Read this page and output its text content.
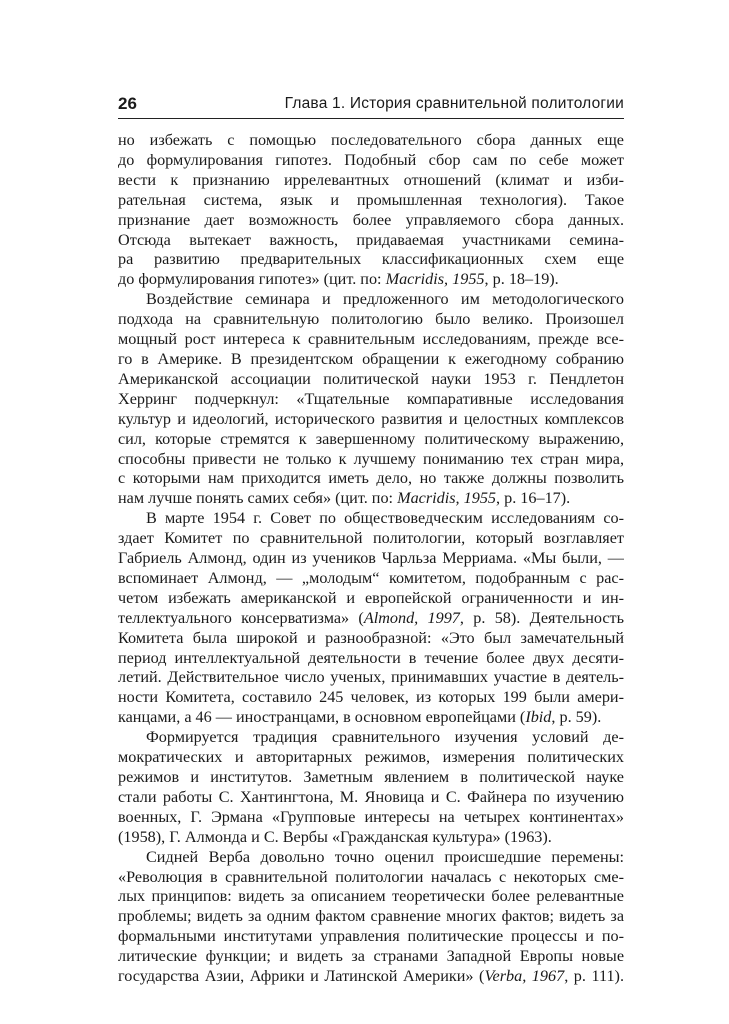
26	Глава 1. История сравнительной политологии

но избежать с помощью последовательного сбора данных еще
до формулирования гипотез. Подобный сбор сам по себе может
вести к признанию иррелевантных отношений (климат и изби-
рательная система, язык и промышленная технология). Такое
признание дает возможность более управляемого сбора данных.
Отсюда вытекает важность, придаваемая участниками семина-
ра развитию предварительных классификационных схем еще
до формулирования гипотез» (цит. по: Macridis, 1955, р. 18–19).

Воздействие семинара и предложенного им методологического
подхода на сравнительную политологию было велико. Произошел
мощный рост интереса к сравнительным исследованиям, прежде все-
го в Америке. В президентском обращении к ежегодному собранию
Американской ассоциации политической науки 1953 г. Пендлетон
Херринг подчеркнул: «Тщательные компаративные исследования
культур и идеологий, исторического развития и целостных комплексов
сил, которые стремятся к завершенному политическому выражению,
способны привести не только к лучшему пониманию тех стран мира,
с которыми нам приходится иметь дело, но также должны позволить
нам лучше понять самих себя» (цит. по: Macridis, 1955, р. 16–17).

В марте 1954 г. Совет по обществоведческим исследованиям со-
здает Комитет по сравнительной политологии, который возглавляет
Габриель Алмонд, один из учеников Чарльза Мерриама. «Мы были, —
вспоминает Алмонд, — „молодым“ комитетом, подобранным с рас-
четом избежать американской и европейской ограниченности и ин-
теллектуального консерватизма» (Almond, 1997, р. 58). Деятельность
Комитета была широкой и разнообразной: «Это был замечательный
период интеллектуальной деятельности в течение более двух десяти-
летий. Действительное число ученых, принимавших участие в деятель-
ности Комитета, составило 245 человек, из которых 199 были амери-
канцами, а 46 — иностранцами, в основном европейцами (Ibid, р. 59).

Формируется традиция сравнительного изучения условий де-
мократических и авторитарных режимов, измерения политических
режимов и институтов. Заметным явлением в политической науке
стали работы С. Хантингтона, М. Яновица и С. Файнера по изучению
военных, Г. Эрмана «Групповые интересы на четырех континентах»
(1958), Г. Алмонда и С. Вербы «Гражданская культура» (1963).

Сидней Верба довольно точно оценил происшедшие перемены:
«Революция в сравнительной политологии началась с некоторых сме-
лых принципов: видеть за описанием теоретически более релевантные
проблемы; видеть за одним фактом сравнение многих фактов; видеть за
формальными институтами управления политические процессы и по-
литические функции; и видеть за странами Западной Европы новые
государства Азии, Африки и Латинской Америки» (Verba, 1967, р. 111).
